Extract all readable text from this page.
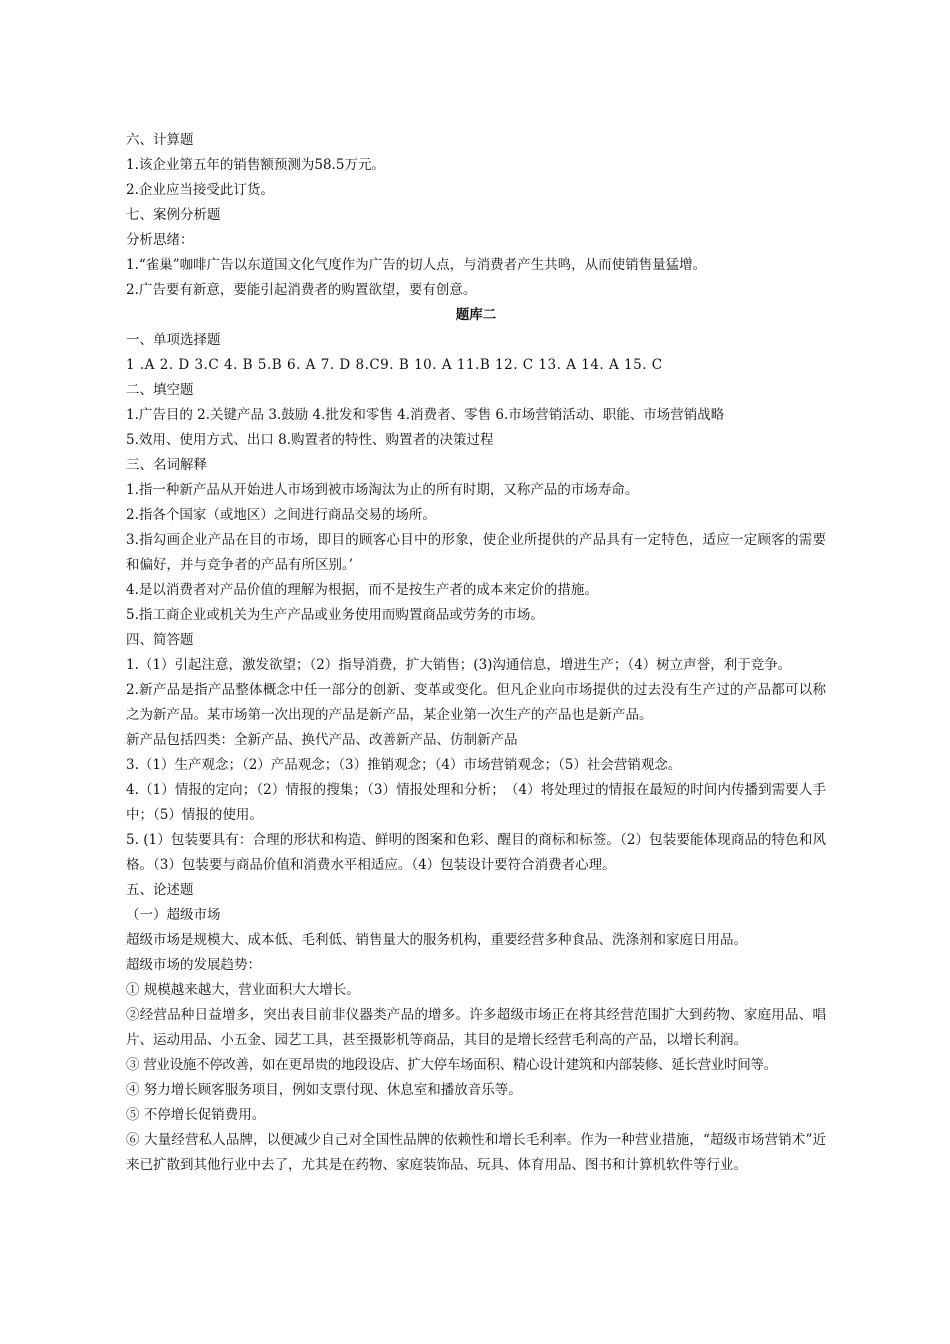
六、计算题
1.该企业第五年的销售额预测为58.5万元。
2.企业应当接受此订货。
七、案例分析题
分析思绪：
1.“雀巢”咖啡广告以东道国文化气度作为广告的切人点，与消费者产生共鸣，从而使销售量猛增。
2.广告要有新意，要能引起消费者的购置欲望，要有创意。
题库二
一、单项选择题
1 .A 2. D 3.C 4. B 5.B 6. A 7. D 8.C9. B 10. A 11.B 12. C 13. A 14. A 15. C
二、填空题
1.广告目的 2.关键产品 3.鼓励 4.批发和零售 4.消费者、零售 6.市场营销活动、职能、市场营销战略
5.效用、使用方式、出口 8.购置者的特性、购置者的决策过程
三、名词解释
1.指一种新产品从开始进人市场到被市场淘汰为止的所有时期，又称产品的市场寿命。
2.指各个国家（或地区）之间进行商品交易的场所。
3.指勾画企业产品在目的市场，即目的顾客心目中的形象，使企业所提供的产品具有一定特色，适应一定顾客的需要和偏好，并与竞争者的产品有所区别。’
4.是以消费者对产品价值的理解为根据，而不是按生产者的成本来定价的措施。
5.指工商企业或机关为生产产品或业务使用而购置商品或劳务的市场。
四、简答题
1.（1）引起注意，激发欲望；（2）指导消费，扩大销售；(3)沟通信息，增进生产；（4）树立声誉，利于竞争。
2.新产品是指产品整体概念中任一部分的创新、变革或变化。但凡企业向市场提供的过去没有生产过的产品都可以称之为新产品。某市场第一次出现的产品是新产品，某企业第一次生产的产品也是新产品。
新产品包括四类：全新产品、换代产品、改善新产品、仿制新产品
3.（1）生产观念；（2）产品观念；（3）推销观念；（4）市场营销观念；（5）社会营销观念。
4.（1）情报的定向；（2）情报的搜集；（3）情报处理和分析；　（4）将处理过的情报在最短的时间内传播到需要人手中；（5）情报的使用。
5. (1）包装要具有：合理的形状和构造、鲜明的图案和色彩、醒目的商标和标签。（2）包装要能体现商品的特色和风格。（3）包装要与商品价值和消费水平相适应。（4）包装设计要符合消费者心理。
五、论述题
（一）超级市场
超级市场是规模大、成本低、毛利低、销售量大的服务机构，重要经营多种食品、洗涤剂和家庭日用品。
超级市场的发展趋势：
① 规模越来越大，营业面积大大增长。
②经营品种日益增多，突出表目前非仪器类产品的增多。许多超级市场正在将其经营范围扩大到药物、家庭用品、唱片、运动用品、小五金、园艺工具，甚至摄影机等商品，其目的是增长经营毛利高的产品，以增长利润。
③ 营业设施不停改善，如在更昂贵的地段设店、扩大停车场面积、精心设计建筑和内部装修、延长营业时间等。
④ 努力增长顾客服务项目，例如支票付现、休息室和播放音乐等。
⑤ 不停增长促销费用。
⑥ 大量经营私人品牌，以便减少自己对全国性品牌的依赖性和增长毛利率。作为一种营业措施，“超级市场营销术”近来已扩散到其他行业中去了，尤其是在药物、家庭装饰品、玩具、体育用品、图书和计算机软件等行业。
